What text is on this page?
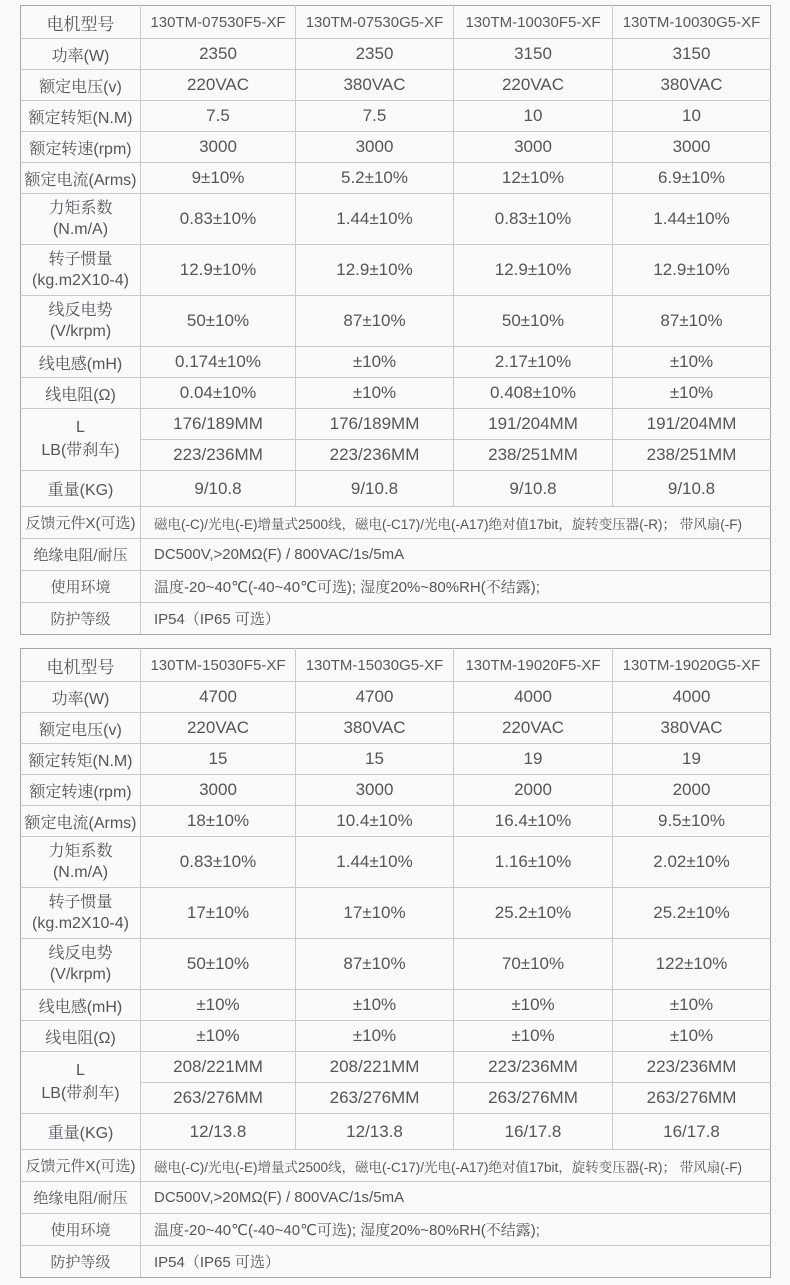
电机型号	130TM-07530F5-XF	130TM-07530G5-XF	130TM-10030F5-XF	130TM-10030G5-XF

功率(W)	2350	2350	3150	3150

额定电压(v)	220VAC	380VAC	220VAC	380VAC

额定转矩(N.M)	7.5	7.5	10	10

额定转速(rpm)	3000	3000	3000	3000

额定电流(Arms)	9±10%	5.2±10%	12±10%	6.9±10%

力矩系数
(N.m/A)	0.83±10%	1.44±10%	0.83±10%	1.44±10%

转子惯量
(kg.m2X10-4)	12.9±10%	12.9±10%	12.9±10%	12.9±10%

线反电势
(V/krpm)	50±10%	87±10%	50±10%	87±10%

线电感(mH)	0.174±10%	±10%	2.17±10%	±10%

线电阻(Ω)	0.04±10%	±10%	0.408±10%	±10%

L
LB(带刹车)	176/189MM	176/189MM	191/204MM	191/204MM
	223/236MM	223/236MM	238/251MM	238/251MM
重量(KG)	9/10.8	9/10.8	9/10.8	9/10.8
反馈元件X(可选)	磁电(-C)/光电(-E)增量式2500线，磁电(-C17)/光电(-A17)绝对值17bit，旋转变压器(-R)； 带风扇(-F)			
绝缘电阻/耐压	DC500V,>20MΩ(F) / 800VAC/1s/5mA			
使用环境	温度-20~40℃(-40~40℃可选); 湿度20%~80%RH(不结露);			
防护等级	IP54（IP65 可选）			
电机型号	130TM-15030F5-XF	130TM-15030G5-XF	130TM-19020F5-XF	130TM-19020G5-XF

功率(W)	4700	4700	4000	4000

额定电压(v)	220VAC	380VAC	220VAC	380VAC

额定转矩(N.M)	15	15	19	19

额定转速(rpm)	3000	3000	2000	2000

额定电流(Arms)	18±10%	10.4±10%	16.4±10%	9.5±10%

力矩系数
(N.m/A)	0.83±10%	1.44±10%	1.16±10%	2.02±10%

转子惯量
(kg.m2X10-4)	17±10%	17±10%	25.2±10%	25.2±10%

线反电势
(V/krpm)	50±10%	87±10%	70±10%	122±10%

线电感(mH)	±10%	±10%	±10%	±10%

线电阻(Ω)	±10%	±10%	±10%	±10%

L
LB(带刹车)	208/221MM	208/221MM	223/236MM	223/236MM
	263/276MM	263/276MM	263/276MM	263/276MM
重量(KG)	12/13.8	12/13.8	16/17.8	16/17.8
反馈元件X(可选)	磁电(-C)/光电(-E)增量式2500线，磁电(-C17)/光电(-A17)绝对值17bit，旋转变压器(-R)； 带风扇(-F)			
绝缘电阻/耐压	DC500V,>20MΩ(F) / 800VAC/1s/5mA			
使用环境	温度-20~40℃(-40~40℃可选); 湿度20%~80%RH(不结露);			
防护等级	IP54（IP65 可选）			
